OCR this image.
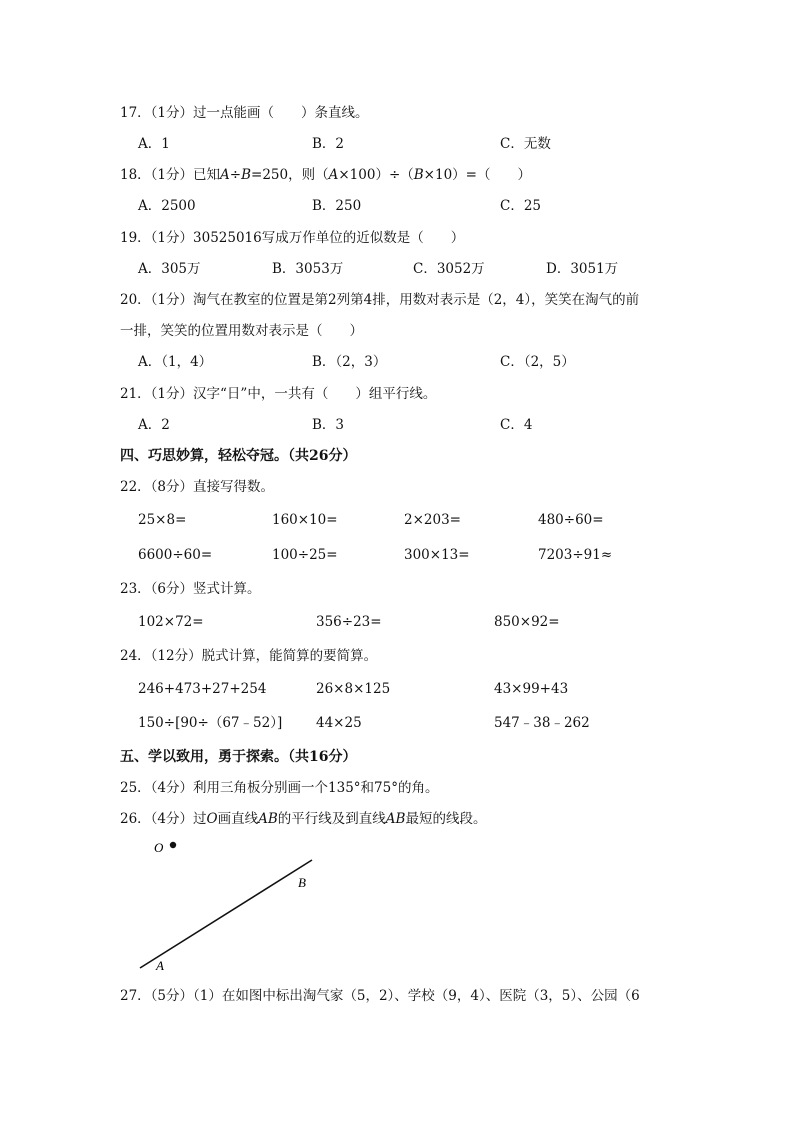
17．（1分）过一点能画（　　）条直线。
A．1	B．2	C．无数
18．（1分）已知A÷B=250，则（A×100）÷（B×10）=（　　）
A．2500	B．250	C．25
19．（1分）30525016写成万作单位的近似数是（　　）
A．305万	B．3053万	C．3052万	D．3051万
20．（1分）淘气在教室的位置是第2列第4排，用数对表示是（2，4），笑笑在淘气的前
一排，笑笑的位置用数对表示是（　　）
A．（1，4）	B．（2，3）	C．（2，5）
21．（1分）汉字“日”中，一共有（　　）组平行线。
A．2	B．3	C．4
四、巧思妙算，轻松夺冠。（共26分）
22．（8分）直接写得数。
25×8=	160×10=	2×203=	480÷60=
6600÷60=	100÷25=	300×13=	7203÷91≈
23．（6分）竖式计算。
102×72=	356÷23=	850×92=
24．（12分）脱式计算，能简算的要简算。
246+473+27+254	26×8×125	43×99+43
150÷[90÷（67﹣52）]	44×25	547﹣38﹣262
五、学以致用，勇于探索。（共16分）
25．（4分）利用三角板分别画一个135°和75°的角。
26．（4分）过O画直线AB的平行线及到直线AB最短的线段。
O
B
A
27．（5分）（1）在如图中标出淘气家（5，2）、学校（9，4）、医院（3，5）、公园（6
